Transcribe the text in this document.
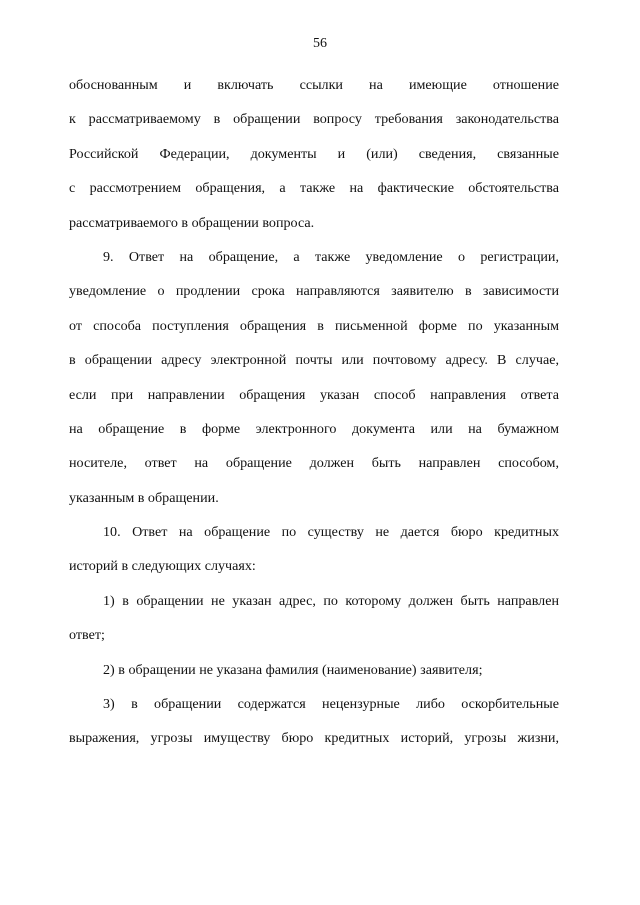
56
обоснованным и включать ссылки на имеющие отношение
к рассматриваемому в обращении вопросу требования законодательства
Российской Федерации, документы и (или) сведения, связанные
с рассмотрением обращения, а также на фактические обстоятельства
рассматриваемого в обращении вопроса.
9. Ответ на обращение, а также уведомление о регистрации,
уведомление о продлении срока направляются заявителю в зависимости
от способа поступления обращения в письменной форме по указанным
в обращении адресу электронной почты или почтовому адресу. В случае,
если при направлении обращения указан способ направления ответа
на обращение в форме электронного документа или на бумажном
носителе, ответ на обращение должен быть направлен способом,
указанным в обращении.
10. Ответ на обращение по существу не дается бюро кредитных
историй в следующих случаях:
1) в обращении не указан адрес, по которому должен быть направлен
ответ;
2) в обращении не указана фамилия (наименование) заявителя;
3) в обращении содержатся нецензурные либо оскорбительные
выражения, угрозы имуществу бюро кредитных историй, угрозы жизни,
